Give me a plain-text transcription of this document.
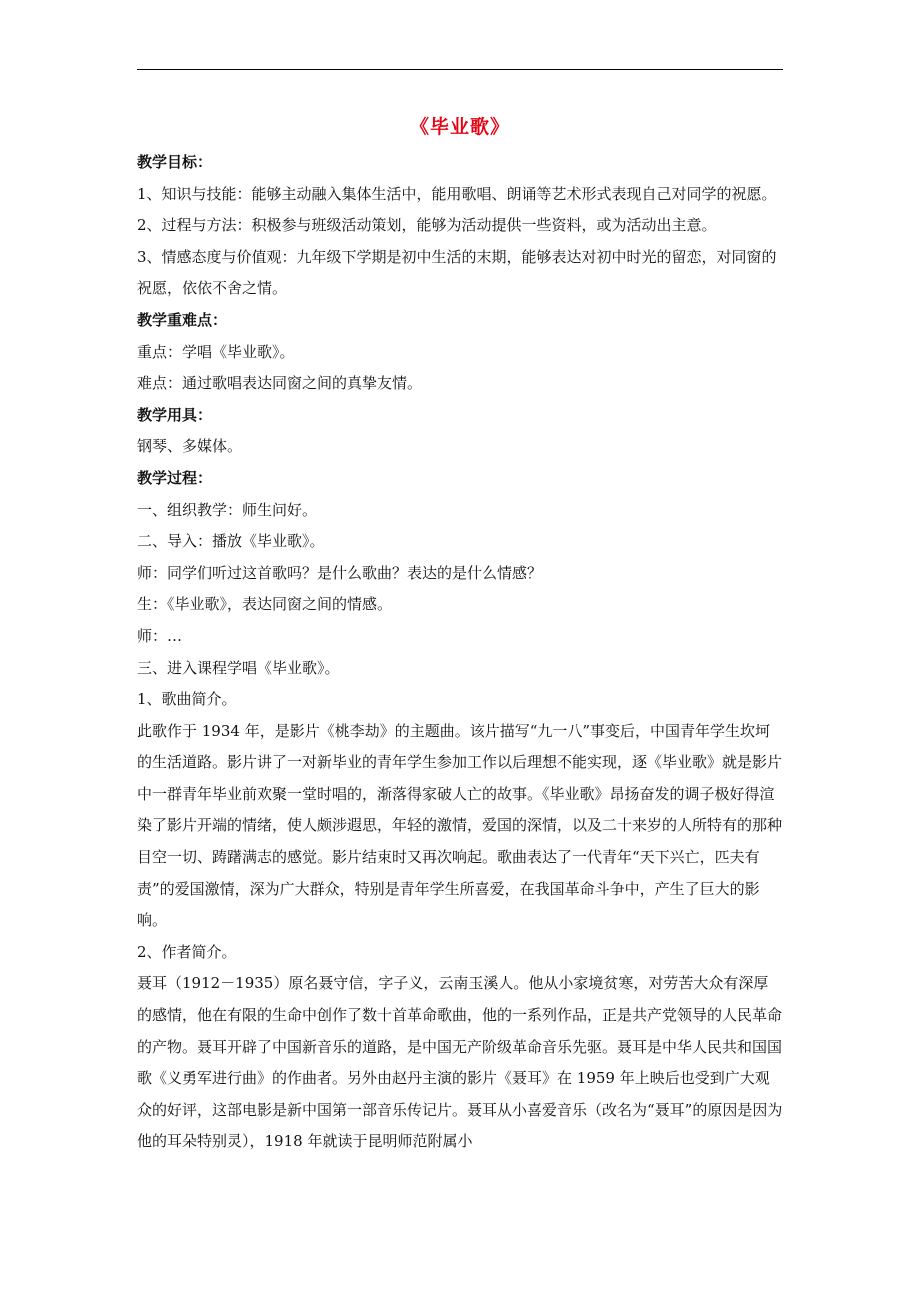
《毕业歌》

教学目标：

1、知识与技能：能够主动融入集体生活中，能用歌唱、朗诵等艺术形式表现自己对同学的祝愿。

2、过程与方法：积极参与班级活动策划，能够为活动提供一些资料，或为活动出主意。

3、情感态度与价值观：九年级下学期是初中生活的末期，能够表达对初中时光的留恋，对同窗的祝愿，依依不舍之情。

教学重难点：

重点：学唱《毕业歌》。

难点：通过歌唱表达同窗之间的真挚友情。

教学用具：

钢琴、多媒体。

教学过程：

一、组织教学：师生问好。

二、导入：播放《毕业歌》。

师：同学们听过这首歌吗？是什么歌曲？表达的是什么情感？

生：《毕业歌》，表达同窗之间的情感。

师：…

三、进入课程学唱《毕业歌》。

1、歌曲简介。

此歌作于 1934 年，是影片《桃李劫》的主题曲。该片描写“九一八”事变后，中国青年学生坎坷的生活道路。影片讲了一对新毕业的青年学生参加工作以后理想不能实现，逐《毕业歌》就是影片中一群青年毕业前欢聚一堂时唱的，渐落得家破人亡的故事。《毕业歌》昂扬奋发的调子极好得渲染了影片开端的情绪，使人颇涉遐思，年轻的激情，爱国的深情，以及二十来岁的人所特有的那种目空一切、踌躇满志的感觉。影片结束时又再次响起。歌曲表达了一代青年“天下兴亡，匹夫有责”的爱国激情，深为广大群众，特别是青年学生所喜爱，在我国革命斗争中，产生了巨大的影响。

2、作者简介。

聂耳（1912－1935）原名聂守信，字子义，云南玉溪人。他从小家境贫寒，对劳苦大众有深厚的感情，他在有限的生命中创作了数十首革命歌曲，他的一系列作品，正是共产党领导的人民革命的产物。聂耳开辟了中国新音乐的道路，是中国无产阶级革命音乐先驱。聂耳是中华人民共和国国歌《义勇军进行曲》的作曲者。另外由赵丹主演的影片《聂耳》在 1959 年上映后也受到广大观众的好评，这部电影是新中国第一部音乐传记片。聂耳从小喜爱音乐（改名为“聂耳”的原因是因为他的耳朵特别灵），1918 年就读于昆明师范附属小
